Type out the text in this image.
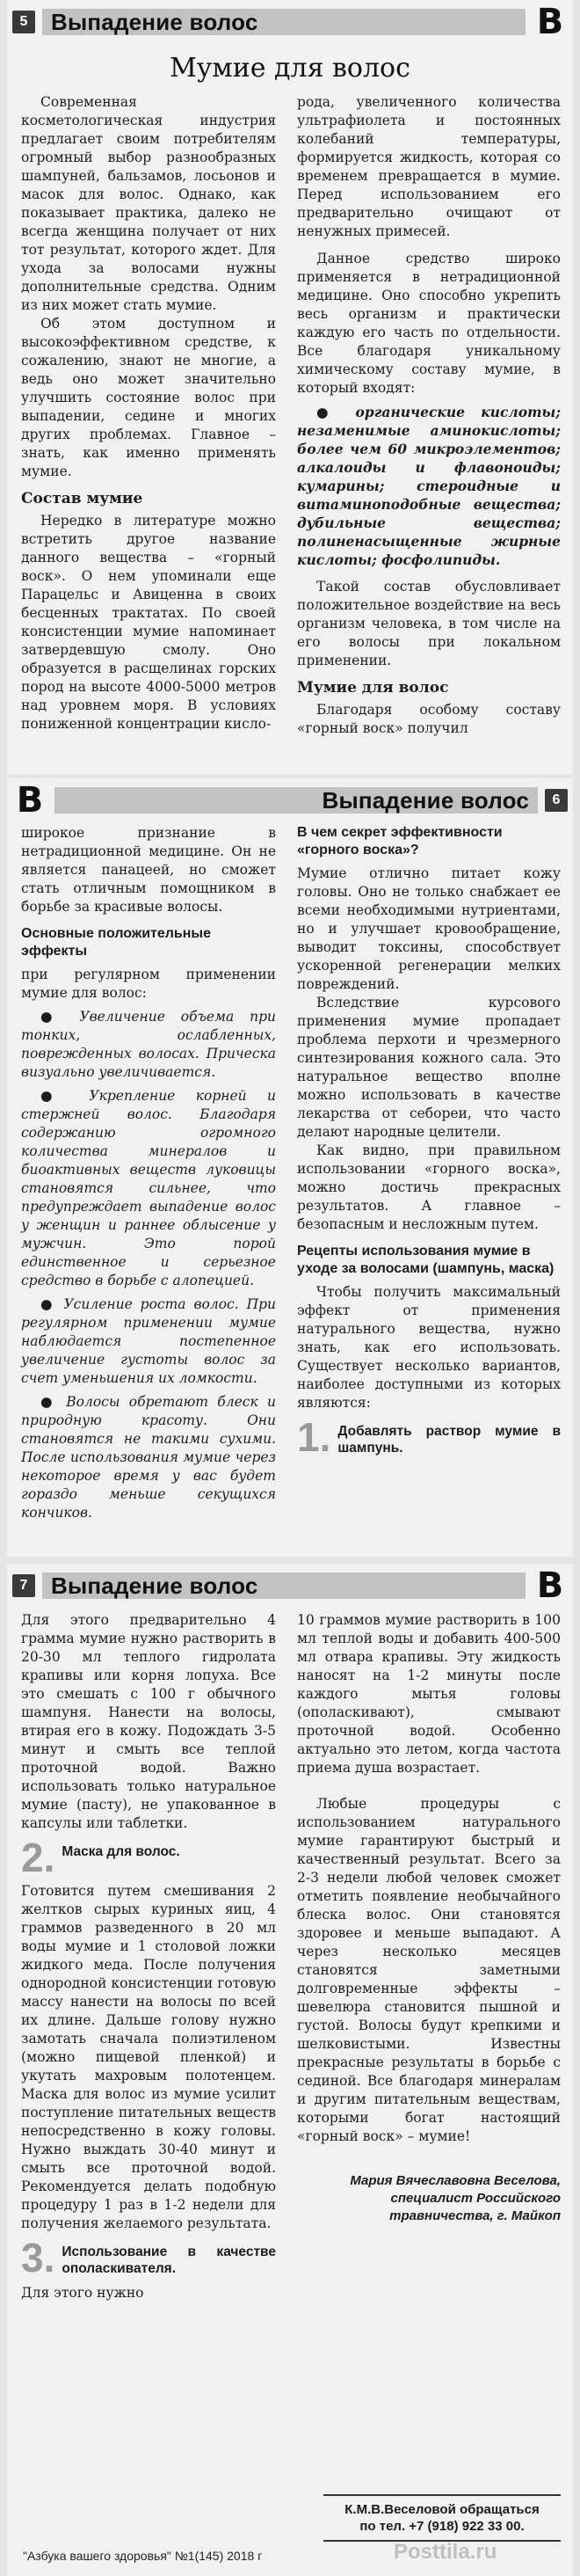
5	Выпадение волос	B
Мумие для волос

Современная косметологическая индустрия предлагает своим потребителям огромный выбор разнообразных шампуней, бальзамов, лосьонов и масок для волос. Однако, как показывает практика, далеко не всегда женщина получает от них тот результат, которого ждет. Для ухода за волосами нужны дополнительные средства. Одним из них может стать мумие.

Об этом доступном и высокоэффективном средстве, к сожалению, знают не многие, а ведь оно может значительно улучшить состояние волос при выпадении, седине и многих других проблемах. Главное – знать, как именно применять мумие.

Состав мумие

Нередко в литературе можно встретить другое название данного вещества – «горный воск». О нем упоминали еще Парацельс и Авиценна в своих бесценных трактатах. По своей консистенции мумие напоминает затвердевшую смолу. Оно образуется в расщелинах горских пород на высоте 4000-5000 метров над уровнем моря. В условиях пониженной концентрации кисло-

рода, увеличенного количества ультрафиолета и постоянных колебаний температуры, формируется жидкость, которая со временем превращается в мумие. Перед использованием его предварительно очищают от ненужных примесей.

Данное средство широко применяется в нетрадиционной медицине. Оно способно укрепить весь организм и практически каждую его часть по отдельности. Все благодаря уникальному химическому составу мумие, в который входят:

● органические кислоты; незаменимые аминокислоты; более чем 60 микроэлементов; алкалоиды и флавоноиды; кумарины; стероидные и витаминоподобные вещества; дубильные вещества; полиненасыщенные жирные кислоты; фосфолипиды.

Такой состав обусловливает положительное воздействие на весь организм человека, в том числе на его волосы при локальном применении.

Мумие для волос

Благодаря особому составу «горный воск» получил

B	Выпадение волос	6

широкое признание в нетрадиционной медицине. Он не является панацеей, но сможет стать отличным помощником в борьбе за красивые волосы.

Основные положительные эффекты

при регулярном применении мумие для волос:

● Увеличение объема при тонких, ослабленных, поврежденных волосах. Прическа визуально увеличивается.

● Укрепление корней и стержней волос. Благодаря содержанию огромного количества минералов и биоактивных веществ луковицы становятся сильнее, что предупреждает выпадение волос у женщин и раннее облысение у мужчин. Это порой единственное и серьезное средство в борьбе с алопецией.

● Усиление роста волос. При регулярном применении мумие наблюдается постепенное увеличение густоты волос за счет уменьшения их ломкости.

● Волосы обретают блеск и природную красоту. Они становятся не такими сухими. После использования мумие через некоторое время у вас будет гораздо меньше секущихся кончиков.

В чем секрет эффективности «горного воска»?

Мумие отлично питает кожу головы. Оно не только снабжает ее всеми необходимыми нутриентами, но и улучшает кровообращение, выводит токсины, способствует ускоренной регенерации мелких повреждений.

Вследствие курсового применения мумие пропадает проблема перхоти и чрезмерного синтезирования кожного сала. Это натуральное вещество вполне можно использовать в качестве лекарства от себореи, что часто делают народные целители.

Как видно, при правильном использовании «горного воска», можно достичь прекрасных результатов. А главное – безопасным и несложным путем.

Рецепты использования мумие в уходе за волосами (шампунь, маска)

Чтобы получить максимальный эффект от применения натурального вещества, нужно знать, как его использовать. Существует несколько вариантов, наиболее доступными из которых являются:

1. Добавлять раствор мумие в шампунь.
7	Выпадение волос	B

Для этого предварительно 4 грамма мумие нужно растворить в 20-30 мл теплого гидролата крапивы или корня лопуха. Все это смешать с 100 г обычного шампуня. Нанести на волосы, втирая его в кожу. Подождать 3-5 минут и смыть все теплой проточной водой. Важно использовать только натуральное мумие (пасту), не упакованное в капсулы или таблетки.

2. Маска для волос.

Готовится путем смешивания 2 желтков сырых куриных яиц, 4 граммов разведенного в 20 мл воды мумие и 1 столовой ложки жидкого меда. После получения однородной консистенции готовую массу нанести на волосы по всей их длине. Дальше голову нужно замотать сначала полиэтиленом (можно пищевой пленкой) и укутать махровым полотенцем. Маска для волос из мумие усилит поступление питательных веществ непосредственно в кожу головы. Нужно выждать 30-40 минут и смыть все проточной водой. Рекомендуется делать подобную процедуру 1 раз в 1-2 недели для получения желаемого результата.

3. Использование в качестве ополаскивателя.

Для этого нужно

10 граммов мумие растворить в 100 мл теплой воды и добавить 400-500 мл отвара крапивы. Эту жидкость наносят на 1-2 минуты после каждого мытья головы (ополаскивают), смывают проточной водой. Особенно актуально это летом, когда частота приема душа возрастает.

Любые процедуры с использованием натурального мумие гарантируют быстрый и качественный результат. Всего за 2-3 недели любой человек сможет отметить появление необычайного блеска волос. Они становятся здоровее и меньше выпадают. А через несколько месяцев становятся заметными долговременные эффекты – шевелюра становится пышной и густой. Волосы будут крепкими и шелковистыми. Известны прекрасные результаты в борьбе с сединой. Все благодаря минералам и другим питательным веществам, которыми богат настоящий «горный воск» – мумие!

Мария Вячеславовна Веселова, специалист Российского травничества, г. Майкоп

К.М.В.Веселовой обращаться
по тел. +7 (918) 922 33 00.
"Азбука вашего здоровья" №1(145) 2018 г	Posttila.ru
